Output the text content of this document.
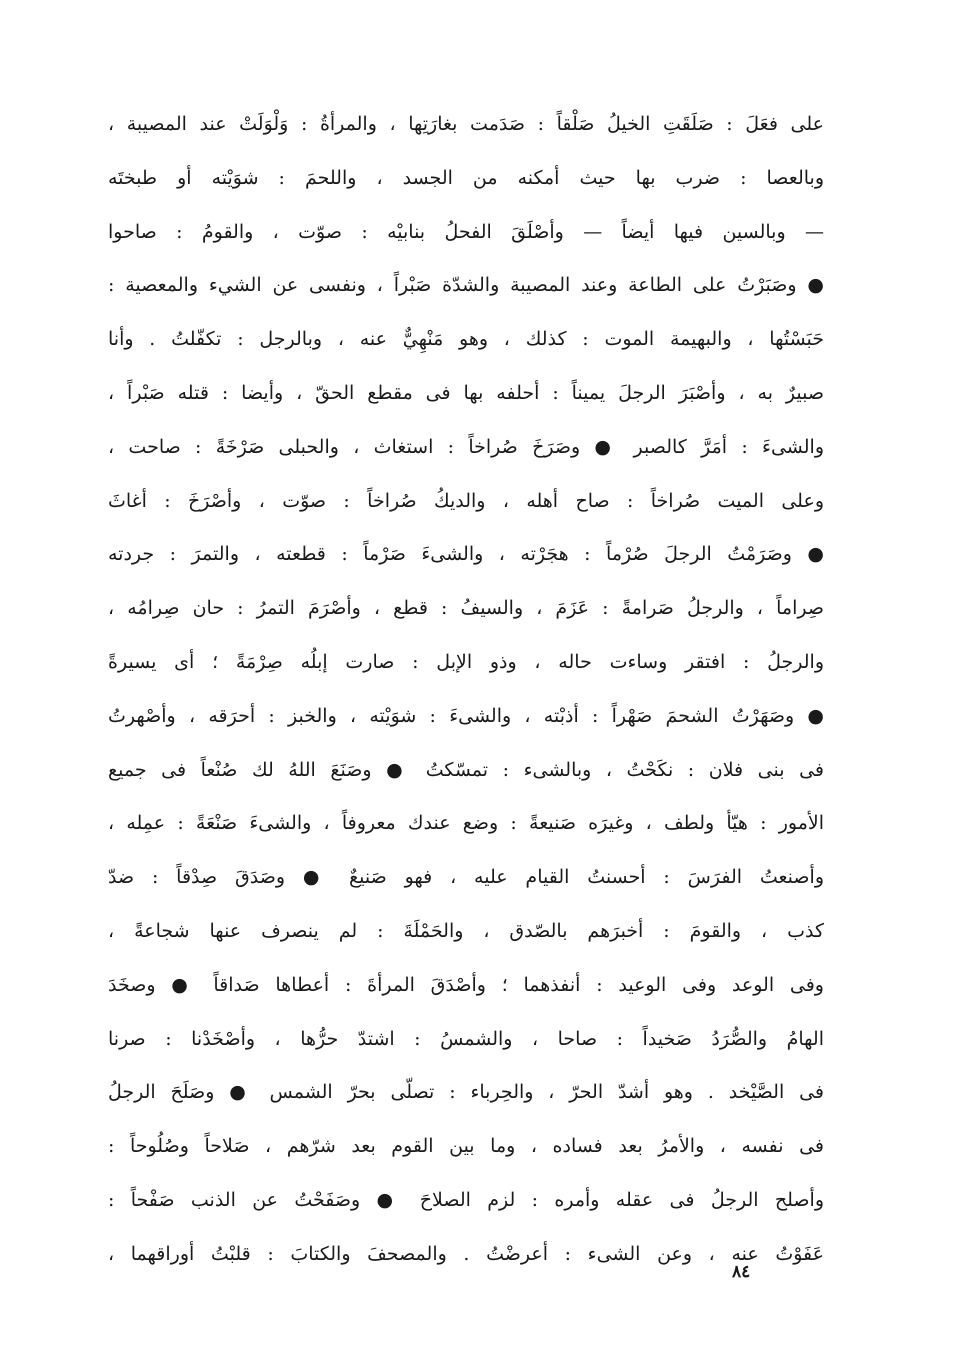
على فعَلَ : صَلَقَتِ الخيلُ صَلْقاً : صَدَمت بغارَتِها ، والمرأةُ : وَلْوَلَتْ عند المصيبة ،
وبالعصا : ضرب بها حيث أمكنه من الجسد ، واللحمَ : شوَيْته أو طبختَه
— وبالسين فيها أيضاً — وأصْلَقَ الفحلُ بنابيْه : صوّت ، والقومُ : صاحوا
● وصَبَرْتُ على الطاعة وعند المصيبة والشدّة صَبْراً ، ونفسى عن الشيء والمعصية :
حَبَسْتُها ، والبهيمة الموت : كذلك ، وهو مَنْهِيٌّ عنه ، وبالرجل : تكفّلتُ . وأنا
صبيرٌ به ، وأصْبَرَ الرجلَ يميناً : أحلفه بها فى مقطع الحقّ ، وأيضا : قتله صَبْراً ،
والشىءَ : أمَرَّ كالصبر ● وصَرَخَ صُراخاً : استغاث ، والحبلى صَرْخَةً : صاحت ،
وعلى الميت صُراخاً : صاح أهله ، والديكُ صُراخاً : صوّت ، وأصْرَخَ : أغاثَ
● وصَرَمْتُ الرجلَ صُرْماً : هجَرْته ، والشىءَ صَرْماً : قطعته ، والتمرَ : جردته
صِراماً ، والرجلُ صَرامةً : عَزَمَ ، والسيفُ : قطع ، وأصْرَمَ التمرُ : حان صِرامُه ،
والرجلُ : افتقر وساءت حاله ، وذو الإبل : صارت إبلُه صِرْمَةً ؛ أى يسيرةً
● وصَهَرْتُ الشحمَ صَهْراً : أذبْته ، والشىءَ : شوَيْته ، والخبز : أحرَقه ، وأصْهرتُ
فى بنى فلان : نكَحْتُ ، وبالشىء : تمسّكتُ ● وصَنَعَ اللهُ لك صُنْعاً فى جميع
الأمور : هيّأ ولطف ، وغيرَه صَنيعةً : وضع عندك معروفاً ، والشىءَ صَنْعَةً : عمِله ،
وأصنعتُ الفرَسَ : أحسنتُ القيام عليه ، فهو صَنيعٌ ● وصَدَقَ صِدْقاً : ضدّ
كذب ، والقومَ : أخبرَهم بالصّدق ، والحَمْلَةَ : لم ينصرف عنها شجاعةً ،
وفى الوعد وفى الوعيد : أنفذهما ؛ وأصْدَقَ المرأةَ : أعطاها صَداقاً ● وصخَدَ
الهامُ والصُّرَدُ صَخيداً : صاحا ، والشمسُ : اشتدّ حرُّها ، وأصْخَدْنا : صرنا
فى الصَّيْخد . وهو أشدّ الحرّ ، والحِرباء : تصلّى بحرّ الشمس ● وصَلَحَ الرجلُ
فى نفسه ، والأمرُ بعد فساده ، وما بين القوم بعد شرّهم ، صَلاحاً وصُلُوحاً :
وأصلح الرجلُ فى عقله وأمره : لزم الصلاحَ ● وصَفَحْتُ عن الذنب صَفْحاً :
عَفَوْتُ عنه ، وعن الشىء : أعرضْتُ . والمصحفَ والكتابَ : قلبْتُ أوراقهما ،
٨٤
